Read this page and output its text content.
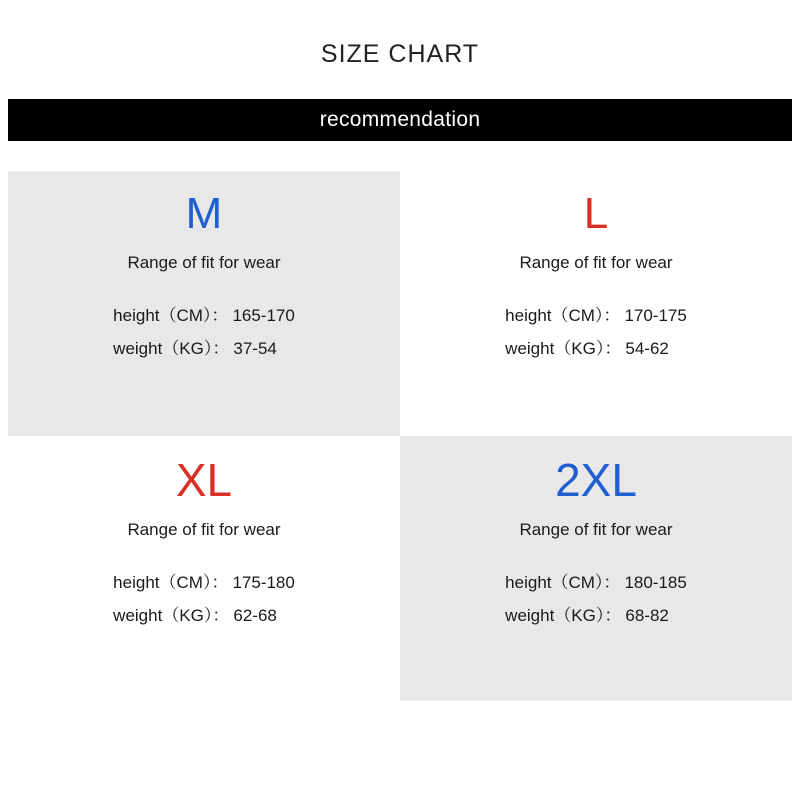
SIZE CHART
recommendation
M
Range of fit for wear
height（CM）： 165-170
weight（KG）： 37-54
L
Range of fit for wear
height（CM）： 170-175
weight（KG）： 54-62
XL
Range of fit for wear
height（CM）： 175-180
weight（KG）： 62-68
2XL
Range of fit for wear
height（CM）： 180-185
weight（KG）： 68-82
